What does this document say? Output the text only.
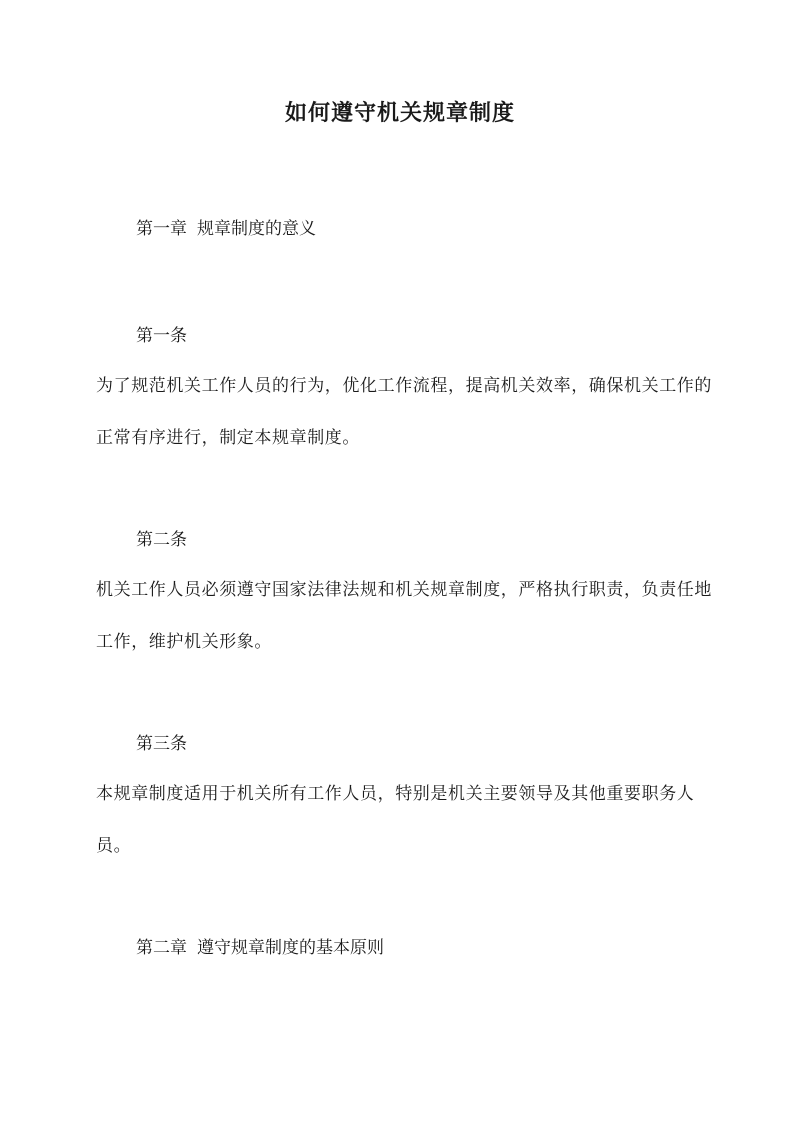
如何遵守机关规章制度
第一章 规章制度的意义
第一条

为了规范机关工作人员的行为，优化工作流程，提高机关效率，确保机关工作的正常有序进行，制定本规章制度。

第二条

机关工作人员必须遵守国家法律法规和机关规章制度，严格执行职责，负责任地工作，维护机关形象。

第三条

本规章制度适用于机关所有工作人员，特别是机关主要领导及其他重要职务人员。

第二章 遵守规章制度的基本原则
